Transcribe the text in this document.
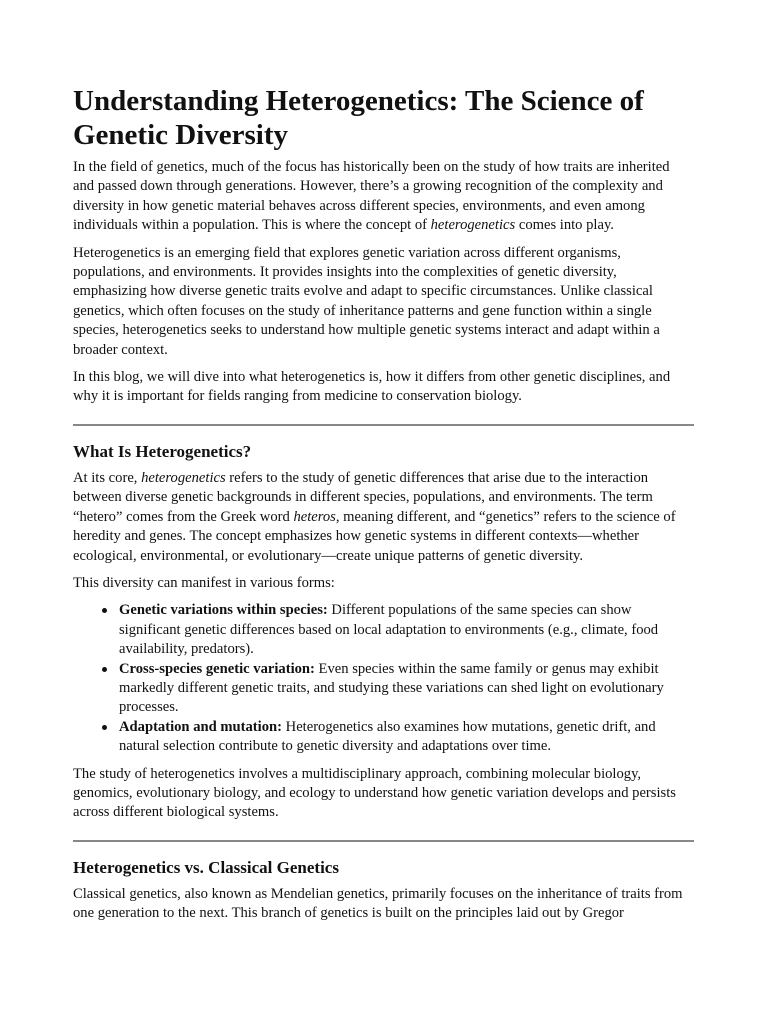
Understanding Heterogenetics: The Science of Genetic Diversity

In the field of genetics, much of the focus has historically been on the study of how traits are inherited and passed down through generations. However, there’s a growing recognition of the complexity and diversity in how genetic material behaves across different species, environments, and even among individuals within a population. This is where the concept of heterogenetics comes into play.

Heterogenetics is an emerging field that explores genetic variation across different organisms, populations, and environments. It provides insights into the complexities of genetic diversity, emphasizing how diverse genetic traits evolve and adapt to specific circumstances. Unlike classical genetics, which often focuses on the study of inheritance patterns and gene function within a single species, heterogenetics seeks to understand how multiple genetic systems interact and adapt within a broader context.

In this blog, we will dive into what heterogenetics is, how it differs from other genetic disciplines, and why it is important for fields ranging from medicine to conservation biology.

What Is Heterogenetics?

At its core, heterogenetics refers to the study of genetic differences that arise due to the interaction between diverse genetic backgrounds in different species, populations, and environments. The term “hetero” comes from the Greek word heteros, meaning different, and “genetics” refers to the science of heredity and genes. The concept emphasizes how genetic systems in different contexts—whether ecological, environmental, or evolutionary—create unique patterns of genetic diversity.

This diversity can manifest in various forms:

Genetic variations within species: Different populations of the same species can show significant genetic differences based on local adaptation to environments (e.g., climate, food availability, predators).
Cross-species genetic variation: Even species within the same family or genus may exhibit markedly different genetic traits, and studying these variations can shed light on evolutionary processes.
Adaptation and mutation: Heterogenetics also examines how mutations, genetic drift, and natural selection contribute to genetic diversity and adaptations over time.

The study of heterogenetics involves a multidisciplinary approach, combining molecular biology, genomics, evolutionary biology, and ecology to understand how genetic variation develops and persists across different biological systems.

Heterogenetics vs. Classical Genetics

Classical genetics, also known as Mendelian genetics, primarily focuses on the inheritance of traits from one generation to the next. This branch of genetics is built on the principles laid out by Gregor
